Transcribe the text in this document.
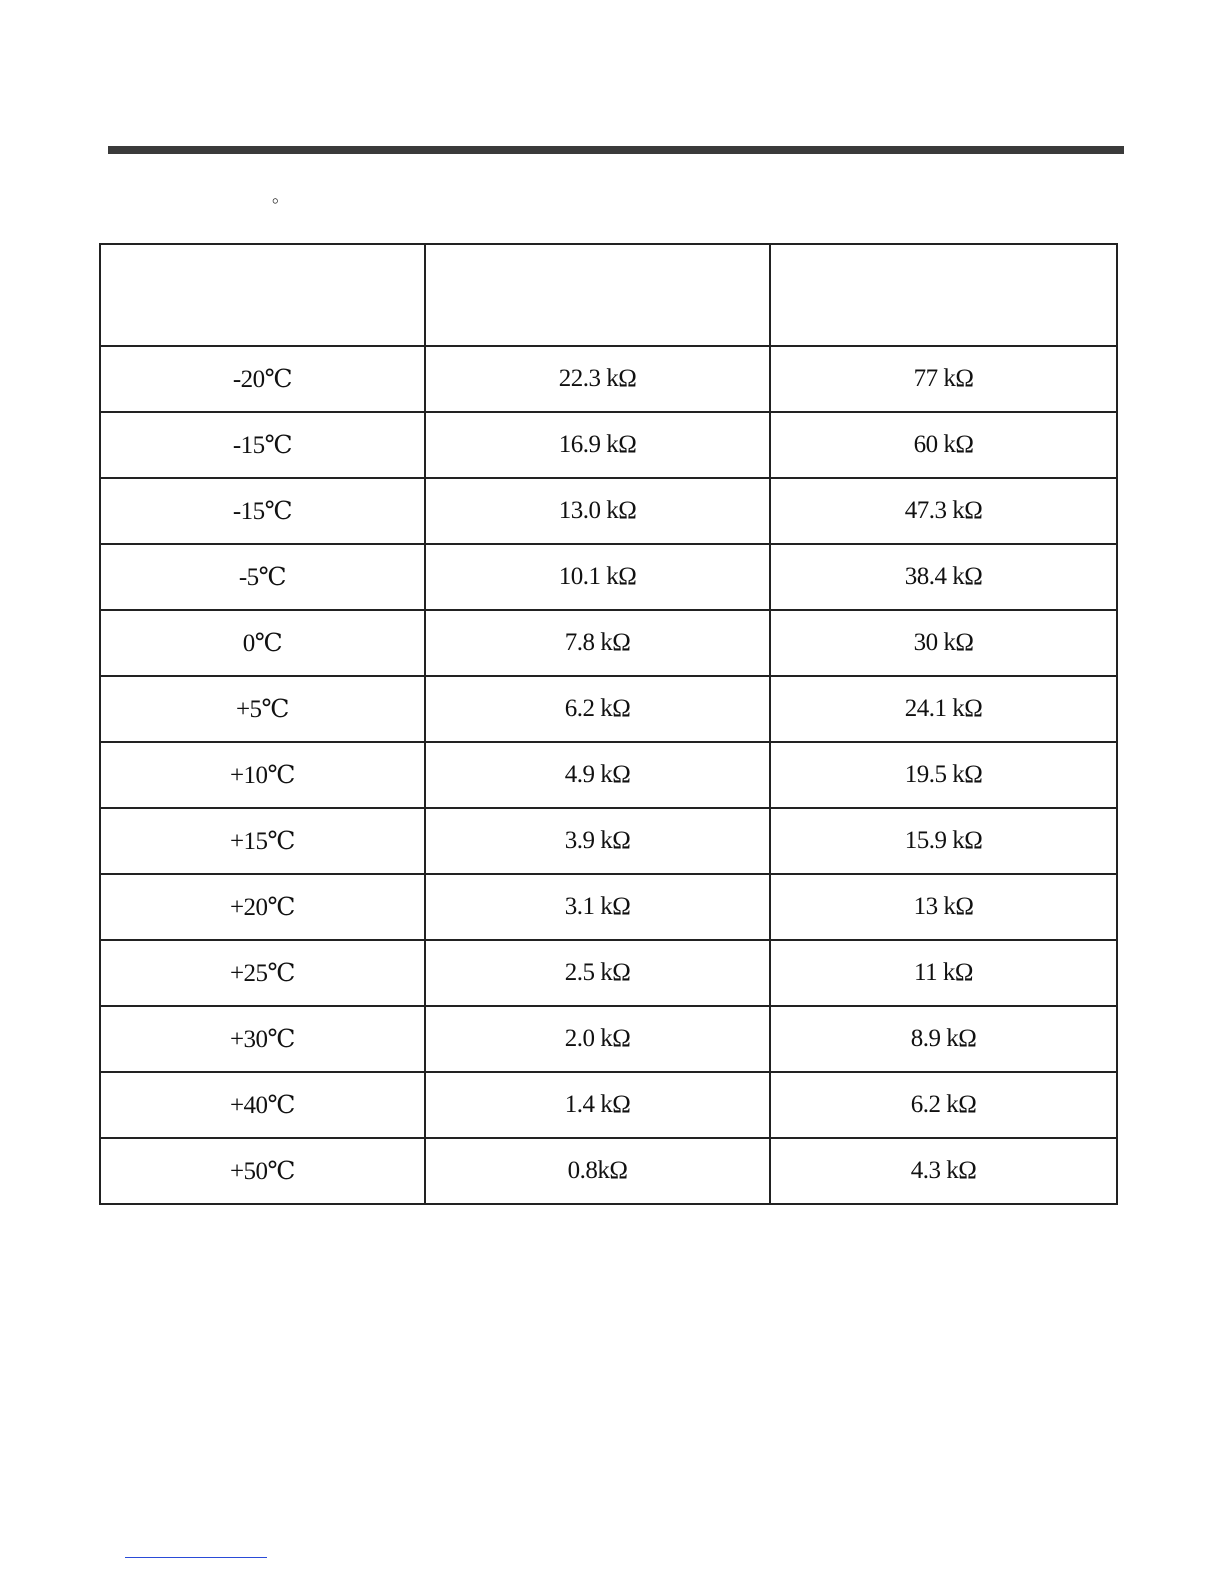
。

-20℃	22.3 kΩ	77 kΩ
-15℃	16.9 kΩ	60 kΩ
-15℃	13.0 kΩ	47.3 kΩ
-5℃	10.1 kΩ	38.4 kΩ
0℃	7.8 kΩ	30 kΩ
+5℃	6.2 kΩ	24.1 kΩ
+10℃	4.9 kΩ	19.5 kΩ
+15℃	3.9 kΩ	15.9 kΩ
+20℃	3.1 kΩ	13 kΩ
+25℃	2.5 kΩ	11 kΩ
+30℃	2.0 kΩ	8.9 kΩ
+40℃	1.4 kΩ	6.2 kΩ
+50℃	0.8kΩ	4.3 kΩ
